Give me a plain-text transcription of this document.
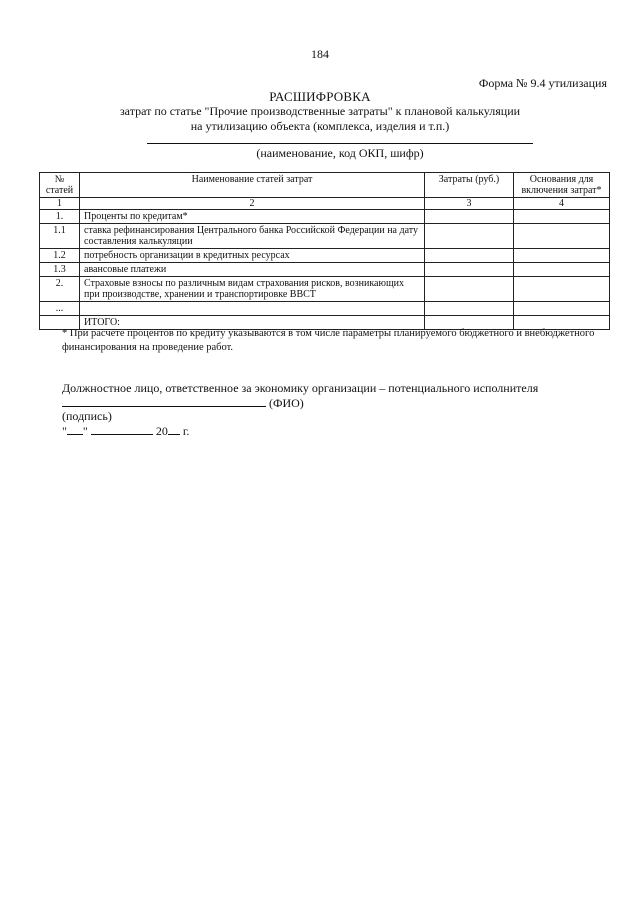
184
Форма № 9.4 утилизация
РАСШИФРОВКА
затрат по статье "Прочие производственные затраты" к плановой калькуляции
на утилизацию объекта (комплекса, изделия и т.п.)
(наименование, код ОКП, шифр)
№ статей	Наименование статей затрат	Затраты (руб.)	Основания для включения затрат*
1	2	3	4
1.	Проценты по кредитам*		
1.1	ставка рефинансирования Центрального банка Российской Федерации на дату составления калькуляции		
1.2	потребность организации в кредитных ресурсах		
1.3	авансовые платежи		
2.	Страховые взносы по различным видам страхования рисков, возникающих при производстве, хранении и транспортировке ВВСТ		
...			
	ИТОГО:		
* При расчете процентов по кредиту указываются в том числе параметры планируемого бюджетного и внебюджетного финансирования на проведение работ.
Должностное лицо, ответственное за экономику организации – потенциального исполнителя
(ФИО)
(подпись)
" "	20 г.
